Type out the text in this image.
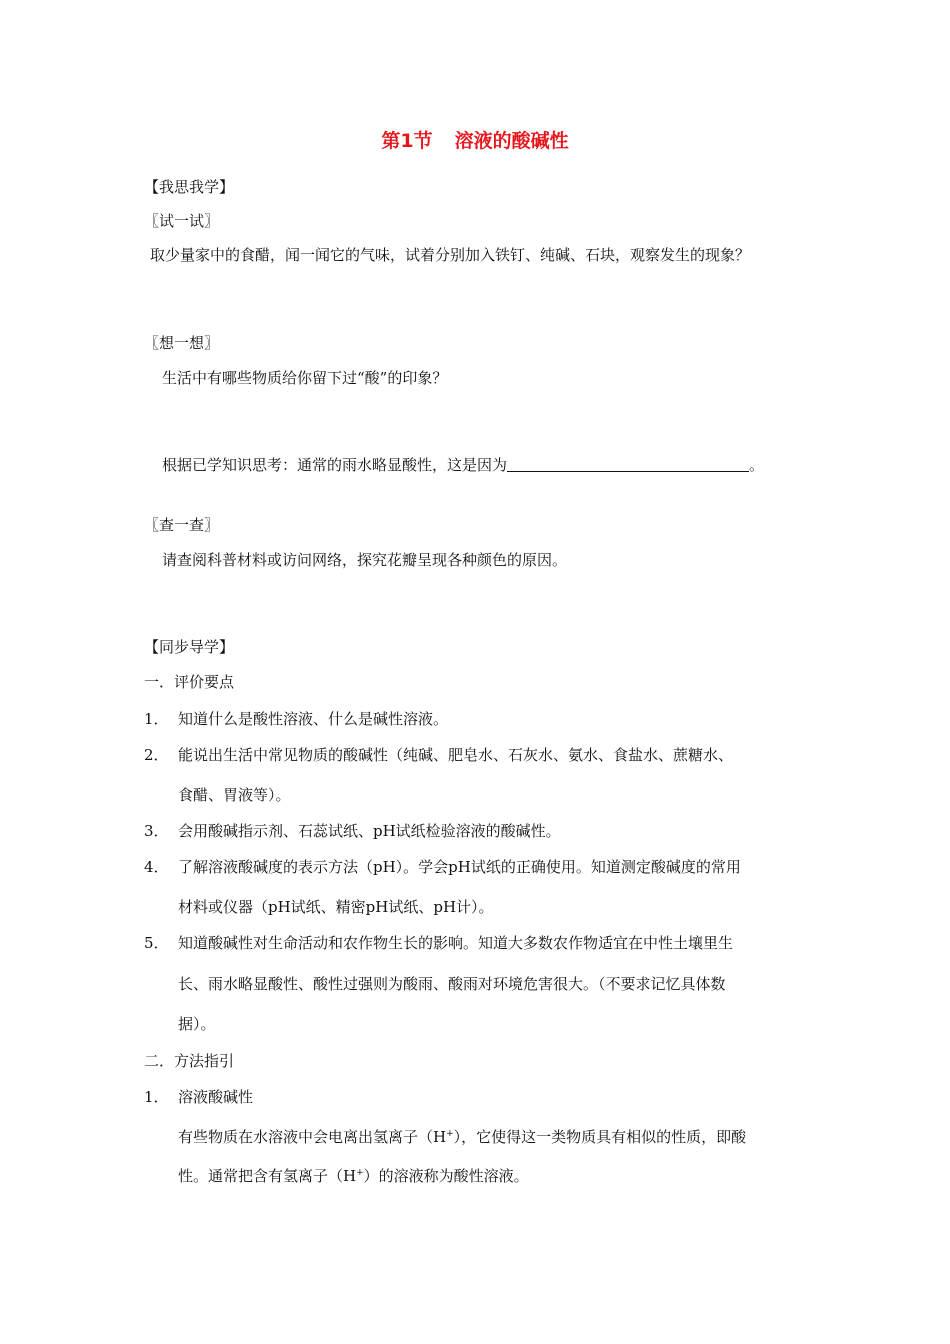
第1节 溶液的酸碱性
【我思我学】
〖试一试〗
取少量家中的食醋，闻一闻它的气味，试着分别加入铁钉、纯碱、石块，观察发生的现象？
〖想一想〗
生活中有哪些物质给你留下过“酸”的印象？
根据已学知识思考：通常的雨水略显酸性，这是因为	。
〖查一查〗
请查阅科普材料或访问网络，探究花瓣呈现各种颜色的原因。
【同步导学】
一．评价要点
1． 知道什么是酸性溶液、什么是碱性溶液。
2． 能说出生活中常见物质的酸碱性（纯碱、肥皂水、石灰水、氨水、食盐水、蔗糖水、
食醋、胃液等）。
3． 会用酸碱指示剂、石蕊试纸、pH试纸检验溶液的酸碱性。
4． 了解溶液酸碱度的表示方法（pH）。学会pH试纸的正确使用。知道测定酸碱度的常用
材料或仪器（pH试纸、精密pH试纸、pH计）。
5． 知道酸碱性对生命活动和农作物生长的影响。知道大多数农作物适宜在中性土壤里生
长、雨水略显酸性、酸性过强则为酸雨、酸雨对环境危害很大。（不要求记忆具体数
据）。
二．方法指引
1． 溶液酸碱性
有些物质在水溶液中会电离出氢离子（H+），它使得这一类物质具有相似的性质，即酸
性。通常把含有氢离子（H+）的溶液称为酸性溶液。
